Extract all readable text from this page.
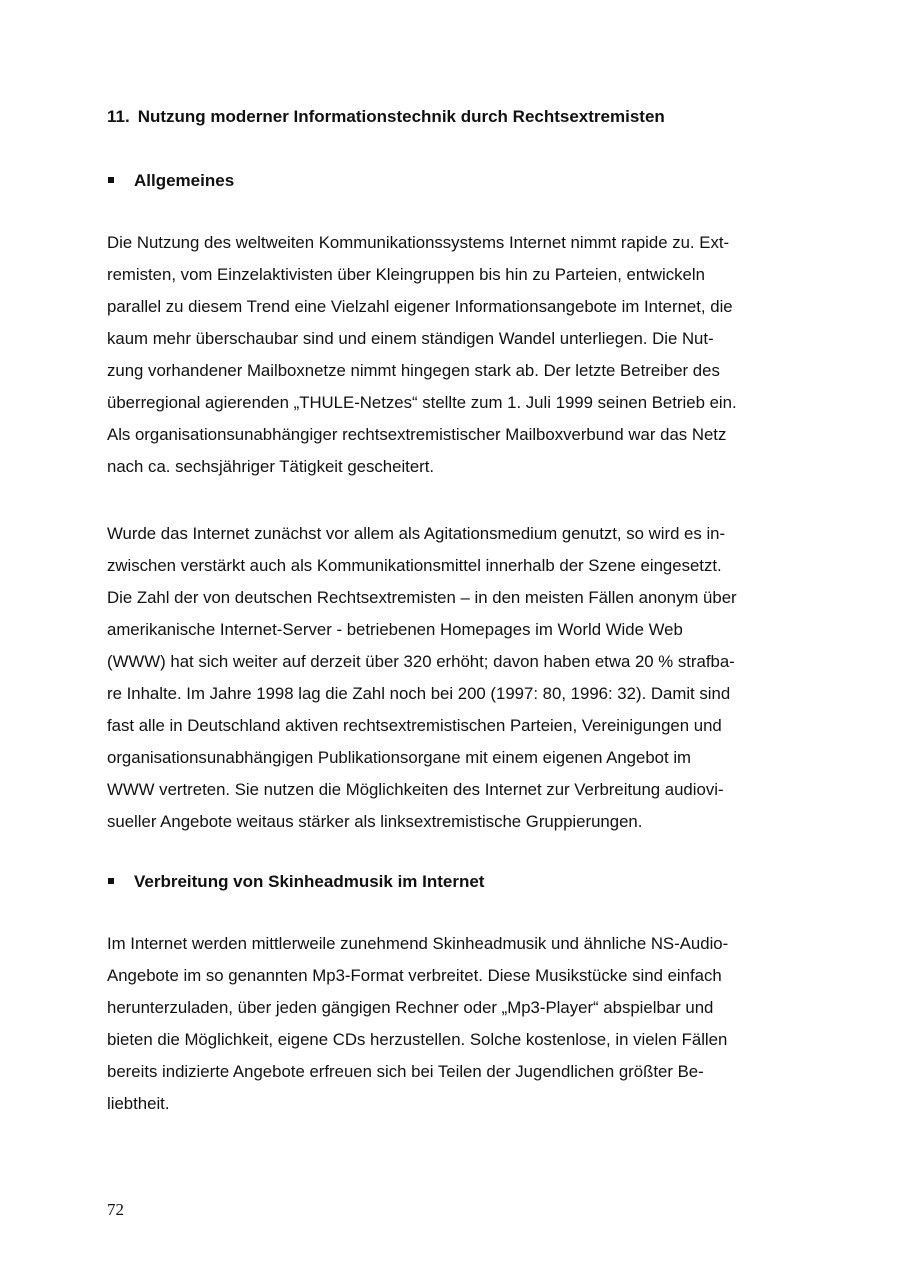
11. Nutzung moderner Informationstechnik durch Rechtsextremisten
Allgemeines
Die Nutzung des weltweiten Kommunikationssystems Internet nimmt rapide zu. Ext-
remisten, vom Einzelaktivisten über Kleingruppen bis hin zu Parteien, entwickeln
parallel zu diesem Trend eine Vielzahl eigener Informationsangebote im Internet, die
kaum mehr überschaubar sind und einem ständigen Wandel unterliegen. Die Nut-
zung vorhandener Mailboxnetze nimmt hingegen stark ab. Der letzte Betreiber des
überregional agierenden „THULE-Netzes“ stellte zum 1. Juli 1999 seinen Betrieb ein.
Als organisationsunabhängiger rechtsextremistischer Mailboxverbund war das Netz
nach ca. sechsjähriger Tätigkeit gescheitert.
Wurde das Internet zunächst vor allem als Agitationsmedium genutzt, so wird es in-
zwischen verstärkt auch als Kommunikationsmittel innerhalb der Szene eingesetzt.
Die Zahl der von deutschen Rechtsextremisten – in den meisten Fällen anonym über
amerikanische Internet-Server - betriebenen Homepages im World Wide Web
(WWW) hat sich weiter auf derzeit über 320 erhöht; davon haben etwa 20 % strafba-
re Inhalte. Im Jahre 1998 lag die Zahl noch bei 200 (1997: 80, 1996: 32). Damit sind
fast alle in Deutschland aktiven rechtsextremistischen Parteien, Vereinigungen und
organisationsunabhängigen Publikationsorgane mit einem eigenen Angebot im
WWW vertreten. Sie nutzen die Möglichkeiten des Internet zur Verbreitung audiovi-
sueller Angebote weitaus stärker als linksextremistische Gruppierungen.
Verbreitung von Skinheadmusik im Internet
Im Internet werden mittlerweile zunehmend Skinheadmusik und ähnliche NS-Audio-
Angebote im so genannten Mp3-Format verbreitet. Diese Musikstücke sind einfach
herunterzuladen, über jeden gängigen Rechner oder „Mp3-Player“ abspielbar und
bieten die Möglichkeit, eigene CDs herzustellen. Solche kostenlose, in vielen Fällen
bereits indizierte Angebote erfreuen sich bei Teilen der Jugendlichen größter Be-
liebtheit.
72
